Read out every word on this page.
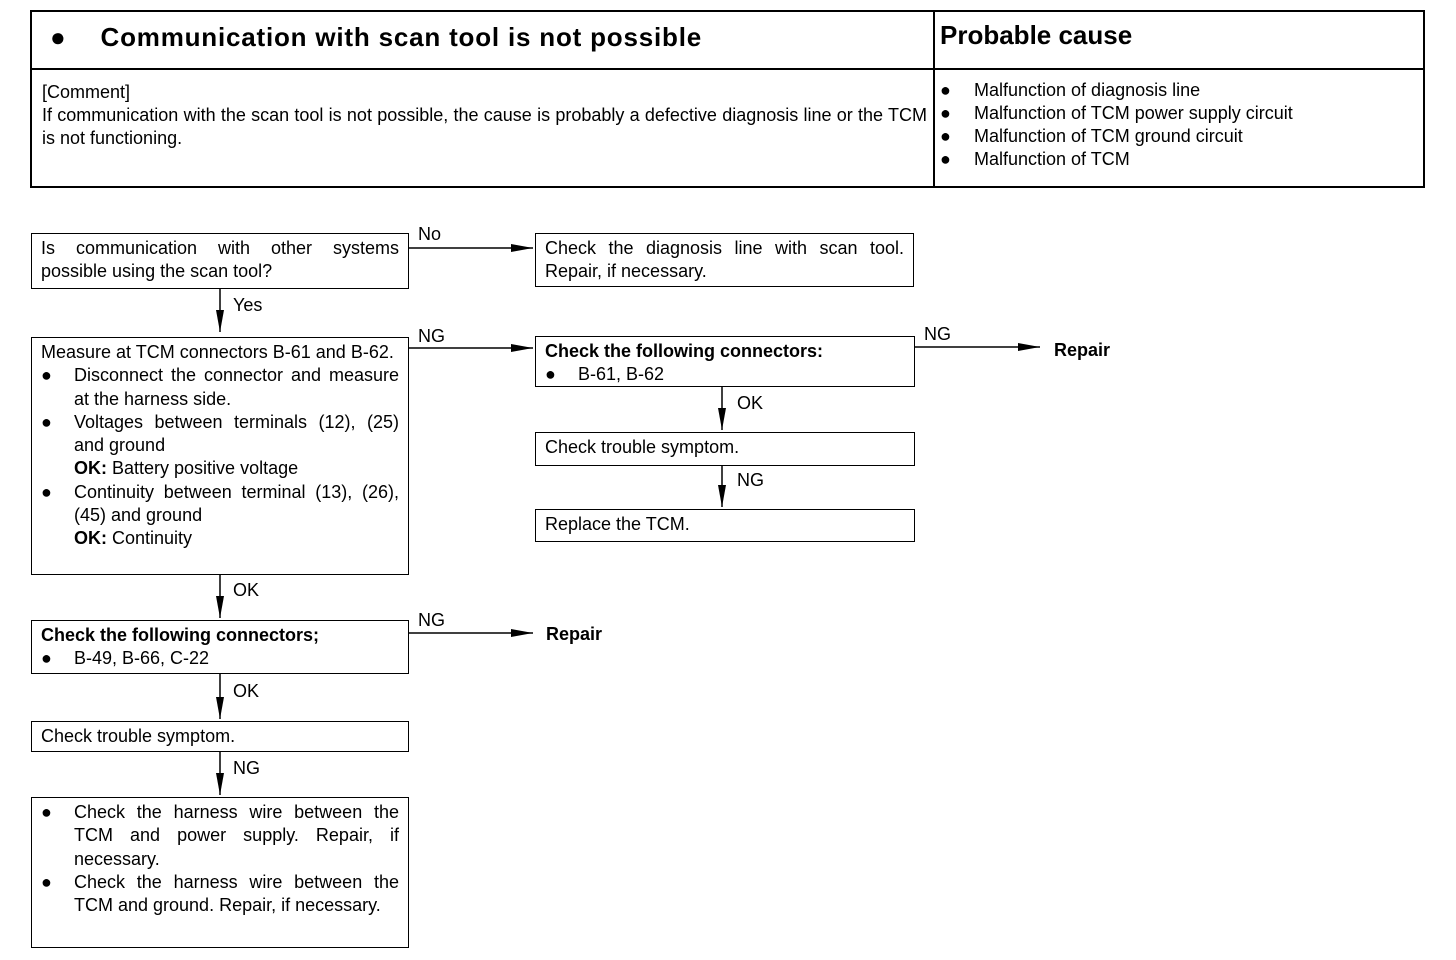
● Communication with scan tool is not possible	Probable cause
[Comment]
If communication with the scan tool is not possible, the cause is probably a defective diagnosis line or the TCM is not functioning.
● Malfunction of diagnosis line
● Malfunction of TCM power supply circuit
● Malfunction of TCM ground circuit
● Malfunction of TCM
Is communication with other systems possible using the scan tool?
No
Check the diagnosis line with scan tool. Repair, if necessary.
Yes
Measure at TCM connectors B-61 and B-62.
●	Disconnect the connector and measure at the harness side.
●	Voltages between terminals (12), (25) and ground
OK: Battery positive voltage
●	Continuity between terminal (13), (26), (45) and ground
OK: Continuity
NG
Check the following connectors:
●	B-61, B-62
NG
Repair
OK
Check trouble symptom.
NG
Replace the TCM.
OK
Check the following connectors;
●	B-49, B-66, C-22
NG
Repair
OK
Check trouble symptom.
NG
●	Check the harness wire between the TCM and power supply. Repair, if necessary.
●	Check the harness wire between the TCM and ground. Repair, if necessary.
